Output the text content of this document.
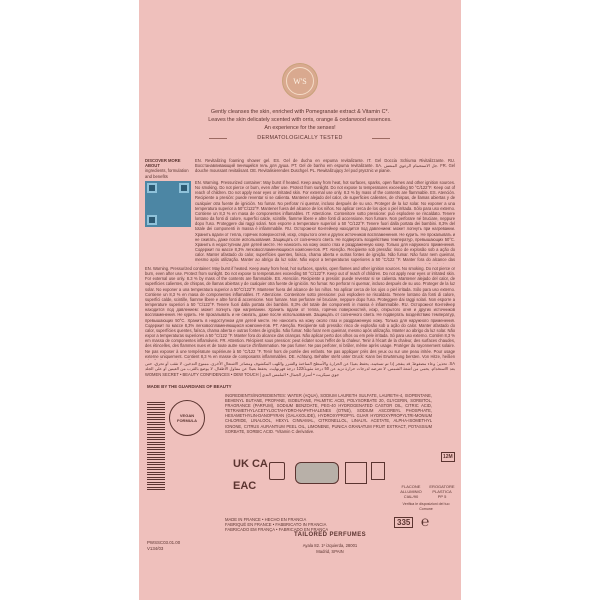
W'S
Gently cleanses the skin, enriched with Pomegranate extract & Vitamin C*.
Leaves the skin delicately scented with orris, orange & cedarwood essences.
An experience for the senses!
DERMATOLOGICALLY TESTED
DISCOVER MORE ABOUT
ingredients, formulation and benefits
EN. Revitalizing foaming shower gel. ES. Gel de ducha en espuma revitalizante. IT. Gel Doccia Schiuma Rivitalizzante. RU. Восстанавливающий пенящийся гель для душа. PT. Gel de banho em espuma revitalizante. SA. جل الاستحمام الرغوي المنعش. FR. Gel douche moussant revitalisant. DE. Revitalisierendes Duschgel. PL. Rewitalizujący żel pod prysznic w pianie.
EN. Warning. Pressurized container: May burst if heated. Keep away from heat, hot surfaces, sparks, open flames and other ignition sources. No smoking. Do not pierce or burn, even after use. Protect from sunlight. Do not expose to temperatures exceeding 50 °C/122°F. Keep out of reach of children. Do not apply near eyes or irritated skin. For external use only. 8.3 % by mass of the contents are flammable. ES. Atención. Recipiente a presión: puede reventar si se calienta. Mantener alejado del calor, de superficies calientes, de chispas, de llamas abiertas y de cualquier otra fuente de ignición. No fumar. No perforar ni quemar, incluso después de su uso. Proteger de la luz solar. No exponer a una temperatura superior a 50°C/122°F. Mantener fuera del alcance de los niños. No aplicar cerca de los ojos o piel irritada. Sólo para uso externo. Contiene un 8,3 % en masa de componentes inflamables. IT. Attenzione. Contenitore sotto pressione: può esplodere se riscaldato. Tenere lontano da fonti di calore, superfici calde, scintille, fiamme libere e altre fonti di accensione. Non fumare. Non perforare né bruciare, neppure dopo l'uso. Proteggere dai raggi solari. Non esporre a temperature superiori a 50 °C/122°F. Tenere fuori dalla portata dei bambini. 8,3% del totale dei componenti in massa è infiammabile. RU. Осторожно! Контейнер находится под давлением: может лопнуть при нагревании. Хранить вдали от тепла, горячих поверхностей, искр, открытого огня и других источников воспламенения. Не курить. Не прокалывать и не сжигать, даже после использования. Защищать от солнечного света. Не подвергать воздействию температур, превышающих 50°C. Хранить в недоступном для детей месте. Не наносить на кожу около глаз и раздраженную кожу. Только для наружного применения. Содержит по массе 8,3% легковоспламеняющихся компонентов. PT. Atenção. Recipiente sob pressão: risco de explosão sob a ação do calor. Manter afastado do calor, superfícies quentes, faísca, chama aberta e outras fontes de ignição. Não fumar. Não furar nem queimar, mesmo após utilização. Manter ao abrigo da luz solar. Não expor a temperaturas superiores a 50 °C/122 °F. Manter fora do alcance das
EN. Warning. Pressurized container: May burst if heated. Keep away from heat, hot surfaces, sparks, open flames and other ignition sources. No smoking. Do not pierce or burn, even after use. Protect from sunlight. Do not expose to temperatures exceeding 50 °C/122°F. Keep out of reach of children. Do not apply near eyes or irritated skin. For external use only. 8.3 % by mass of the contents are flammable. ES. Atención. Recipiente a presión: puede reventar si se calienta. Mantener alejado del calor, de superficies calientes, de chispas, de llamas abiertas y de cualquier otra fuente de ignición. No fumar. No perforar ni quemar, incluso después de su uso. Proteger de la luz solar. No exponer a una temperatura superior a 50°C/122°F. Mantener fuera del alcance de los niños. No aplicar cerca de los ojos o piel irritada. Sólo para uso externo. Contiene un 8,3 % en masa de componentes inflamables. IT. Attenzione. Contenitore sotto pressione: può esplodere se riscaldato. Tenere lontano da fonti di calore, superfici calde, scintille, fiamme libere e altre fonti di accensione. Non fumare. Non perforare né bruciare, neppure dopo l'uso. Proteggere dai raggi solari. Non esporre a temperature superiori a 50 °C/122°F. Tenere fuori dalla portata dei bambini. 8,3% del totale dei componenti in massa è infiammabile. RU. Осторожно! Контейнер находится под давлением: может лопнуть при нагревании. Хранить вдали от тепла, горячих поверхностей, искр, открытого огня и других источников воспламенения. Не курить. Не прокалывать и не сжигать, даже после использования. Защищать от солнечного света. Не подвергать воздействию температур, превышающих 50°C. Хранить в недоступном для детей месте. Не наносить на кожу около глаз и раздраженную кожу. Только для наружного применения. Содержит по массе 8,3% легковоспламеняющихся компонентов. PT. Atenção. Recipiente sob pressão: risco de explosão sob a ação do calor. Manter afastado do calor, superfícies quentes, faísca, chama aberta e outras fontes de ignição. Não fumar. Não furar nem queimar, mesmo após utilização. Manter ao abrigo da luz solar. Não expor a temperaturas superiores a 50 °C/122 °F. Manter fora do alcance das crianças. Não aplicar perto dos olhos ou em pele irritada. Só para uso externo. Contém 8,3 % em massa de componentes inflamáveis. FR. Attention. Récipient sous pression: peut éclater sous l'effet de la chaleur. Tenir à l'écart de la chaleur, des surfaces chaudes, des étincelles, des flammes nues et de toute autre source d'inflammation. Ne pas fumer. Ne pas perforer, ni brûler, même après usage. Protéger du rayonnement solaire. Ne pas exposer à une température supérieure à 50 °C/122 °F. Tenir hors de portée des enfants. Ne pas appliquer près des yeux ou sur une peau irritée. Pour usage externe uniquement. Contient 8,3 % en masse de composants inflammables. DE. Achtung. Behälter steht unter Druck: Kann bei Erwärmung bersten. Von Hitze, heißen
SA. تحذير: وعاء مضغوط: قد ينفجر إذا تم تسخينه. يحفظ بعيدًا عن الحرارة والأسطح الساخنة والشرر واللهب المكشوف ومصادر الاشتعال الأخرى. ممنوع التدخين. لا تثقب أو تحرق، حتى بعد الاستخدام. يحمى من أشعة الشمس. لا تعرضه لدرجات حرارة تزيد عن 50 درجة مئوية/122 درجة فهرنهايت. يحفظ بعيدًا عن متناول الأطفال. لا يوضع بالقرب من العينين أو على الجلد
WOMEN SECRET • BEAUTY CONFIDENCES • DEW TOUCH | جوي سيكريت • أسرار الجمال • الملمس الندي
MADE BY THE GUARDIANS OF BEAUTY
INGREDIENTS/INGREDIENTES: WATER (AQUA), SODIUM LAURETH SULFATE, LAURETH-4, ISOPENTANE, BEHENYL BUTANE, PROPANE, ISOBUTANE, PALMITIC ACID, POLYSORBATE 20, GLYCERIN, SORBITOL, FRAGRANCE (PARFUM), SODIUM BENZOATE, PEG-40 HYDROGENATED CASTOR OIL, CITRIC ACID, TETRAMETHYLACETYLOCTAHYDRO-NAPHTHALENES (OTNE), SODIUM ASCORBYL PHOSPHATE, HEXAMETHYLIN-DANOPYRAN (GALAXOLIDE), HYDROXYPROPYL GUAR HYDROXYPROPYLTRI-MONIUM CHLORIDE, LINALOOL, HEXYL CINNAMAL, CITRONELLOL, LINALYL ACETATE, ALPHA-ISOMETHYL IONONE, CITRUS AURANTIUM PEEL OIL, LIMONENE, PUNICA GRANATUM FRUIT EXTRACT, POTASSIUM SORBATE, SORBIC ACID. *Vitamin C derivative.
VEGAN
FORMULA
UK CA
EAC
12M
FLACONE
ALLUMINIO
CIAL/90
EROGATORE
PLASTICA
PP 5
Verifica le disposizioni del tuo Comune
MADE IN FRANCE • HECHO EN FRANCIA
FABRIQUÉ EN FRANCE • FABBRICATO IN FRANCIA
FABRICADO EM FRANÇA • FABRICADO EN FRANÇA
335 ℮
TAILORED PERFUMES
Ayala 82. 1º izquierda, 28001
Madrid, SPAIN
PWSSC03.01.00
V134/03
